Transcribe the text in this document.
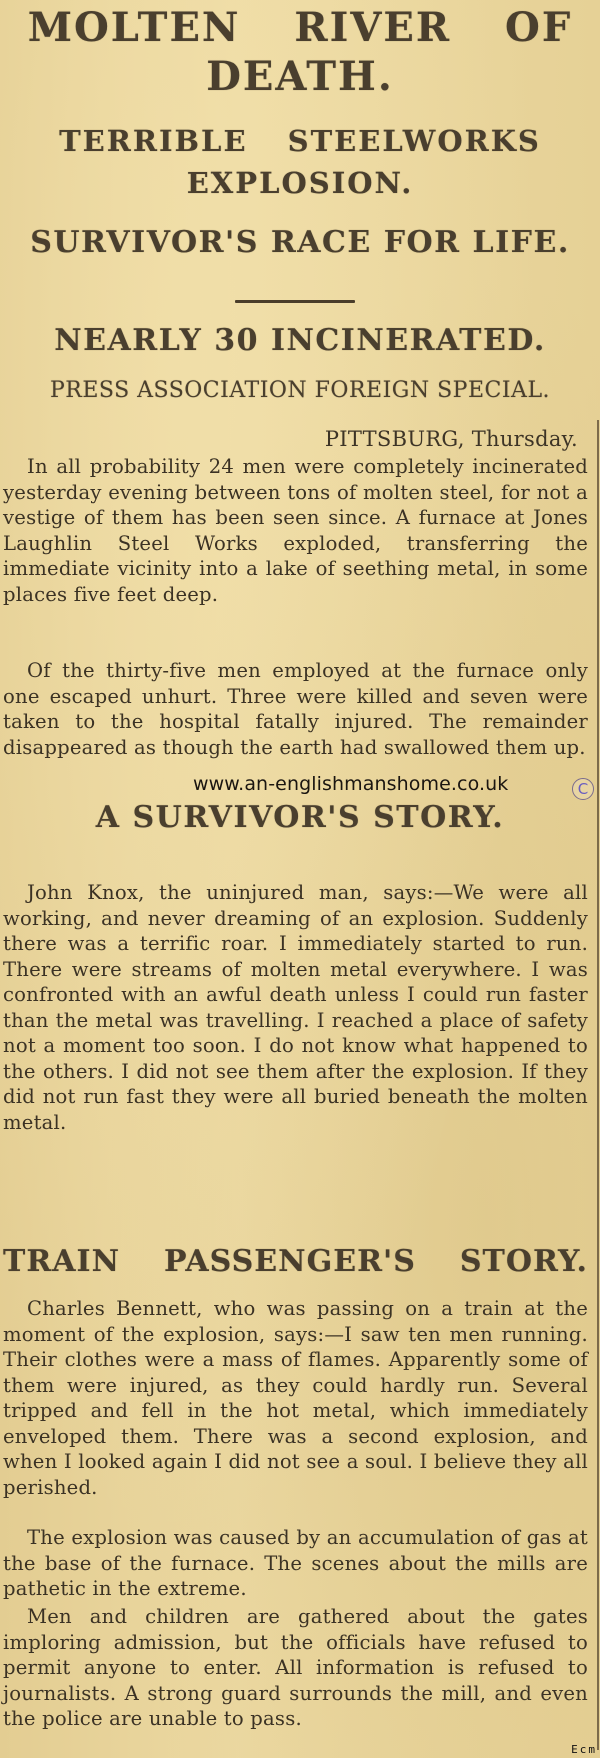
MOLTEN RIVER OF
DEATH.
TERRIBLE STEELWORKS
EXPLOSION.
SURVIVOR'S RACE FOR LIFE.
NEARLY 30 INCINERATED.
PRESS ASSOCIATION FOREIGN SPECIAL.
PITTSBURG, Thursday.

In all probability 24 men were completely incinerated yesterday evening between tons of molten steel, for not a vestige of them has been seen since. A furnace at Jones Laughlin Steel Works exploded, transferring the immediate vicinity into a lake of seething metal, in some places five feet deep.

Of the thirty-five men employed at the furnace only one escaped unhurt. Three were killed and seven were taken to the hospital fatally injured. The remainder disappeared as though the earth had swallowed them up.

www.an-englishmanshome.co.uk	C
A SURVIVOR'S STORY.

John Knox, the uninjured man, says:—We were all working, and never dreaming of an explosion. Suddenly there was a terrific roar. I immediately started to run. There were streams of molten metal everywhere. I was confronted with an awful death unless I could run faster than the metal was travelling. I reached a place of safety not a moment too soon. I do not know what happened to the others. I did not see them after the explosion. If they did not run fast they were all buried beneath the molten metal.

TRAIN PASSENGER'S STORY.

Charles Bennett, who was passing on a train at the moment of the explosion, says:—I saw ten men running. Their clothes were a mass of flames. Apparently some of them were injured, as they could hardly run. Several tripped and fell in the hot metal, which immediately enveloped them. There was a second explosion, and when I looked again I did not see a soul. I believe they all perished.

The explosion was caused by an accumulation of gas at the base of the furnace. The scenes about the mills are pathetic in the extreme.

Men and children are gathered about the gates imploring admission, but the officials have refused to permit anyone to enter. All information is refused to journalists. A strong guard surrounds the mill, and even the police are unable to pass.

Ecm
